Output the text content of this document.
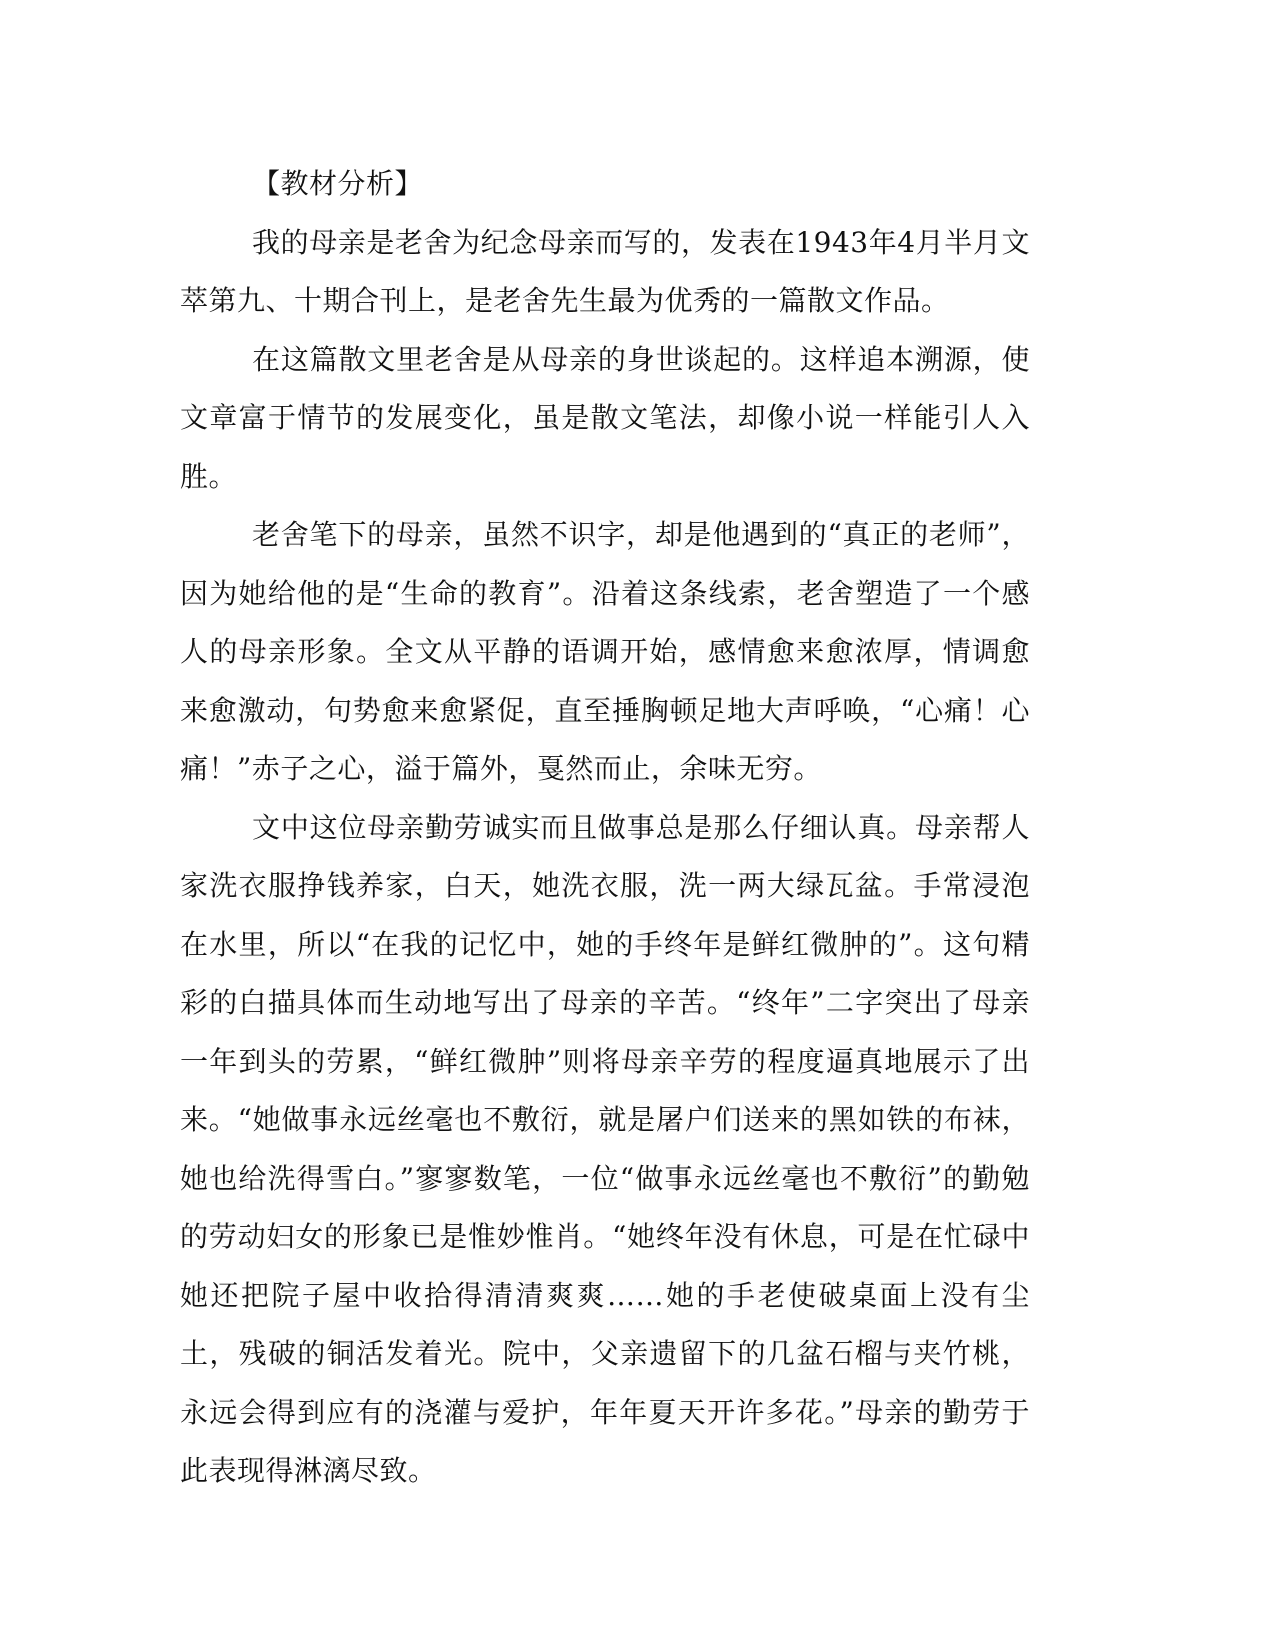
【教材分析】

我的母亲是老舍为纪念母亲而写的，发表在1943年4月半月文萃第九、十期合刊上，是老舍先生最为优秀的一篇散文作品。

在这篇散文里老舍是从母亲的身世谈起的。这样追本溯源，使文章富于情节的发展变化，虽是散文笔法，却像小说一样能引人入胜。

老舍笔下的母亲，虽然不识字，却是他遇到的“真正的老师”，因为她给他的是“生命的教育”。沿着这条线索，老舍塑造了一个感人的母亲形象。全文从平静的语调开始，感情愈来愈浓厚，情调愈来愈激动，句势愈来愈紧促，直至捶胸顿足地大声呼唤，“心痛！心痛！”赤子之心，溢于篇外，戛然而止，余味无穷。

文中这位母亲勤劳诚实而且做事总是那么仔细认真。母亲帮人家洗衣服挣钱养家，白天，她洗衣服，洗一两大绿瓦盆。手常浸泡在水里，所以“在我的记忆中，她的手终年是鲜红微肿的”。这句精彩的白描具体而生动地写出了母亲的辛苦。“终年”二字突出了母亲一年到头的劳累，“鲜红微肿”则将母亲辛劳的程度逼真地展示了出来。“她做事永远丝毫也不敷衍，就是屠户们送来的黑如铁的布袜，她也给洗得雪白。”寥寥数笔，一位“做事永远丝毫也不敷衍”的勤勉的劳动妇女的形象已是惟妙惟肖。“她终年没有休息，可是在忙碌中她还把院子屋中收拾得清清爽爽……她的手老使破桌面上没有尘土，残破的铜活发着光。院中，父亲遗留下的几盆石榴与夹竹桃，永远会得到应有的浇灌与爱护，年年夏天开许多花。”母亲的勤劳于此表现得淋漓尽致。
